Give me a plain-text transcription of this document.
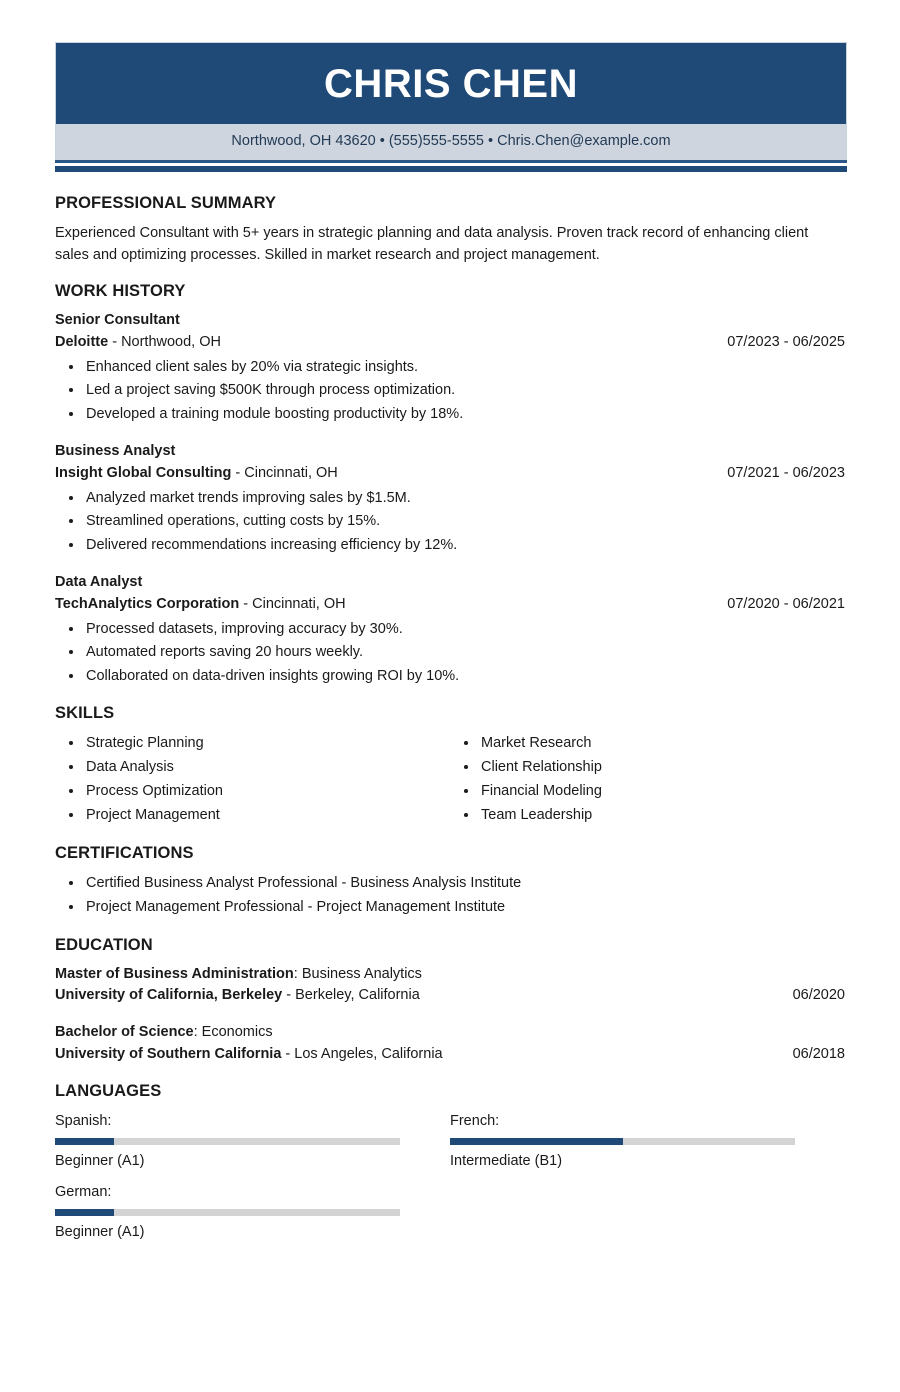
CHRIS CHEN
Northwood, OH 43620 • (555)555-5555 • Chris.Chen@example.com
PROFESSIONAL SUMMARY

Experienced Consultant with 5+ years in strategic planning and data analysis. Proven track record of enhancing client sales and optimizing processes. Skilled in market research and project management.

WORK HISTORY
Senior Consultant
Deloitte - Northwood, OH	07/2023 - 06/2025
• Enhanced client sales by 20% via strategic insights.
• Led a project saving $500K through process optimization.
• Developed a training module boosting productivity by 18%.
Business Analyst
Insight Global Consulting - Cincinnati, OH	07/2021 - 06/2023
• Analyzed market trends improving sales by $1.5M.
• Streamlined operations, cutting costs by 15%.
• Delivered recommendations increasing efficiency by 12%.
Data Analyst
TechAnalytics Corporation - Cincinnati, OH	07/2020 - 06/2021
• Processed datasets, improving accuracy by 30%.
• Automated reports saving 20 hours weekly.
• Collaborated on data-driven insights growing ROI by 10%.
SKILLS
• Strategic Planning
• Data Analysis
• Process Optimization
• Project Management
• Market Research
• Client Relationship
• Financial Modeling
• Team Leadership
CERTIFICATIONS
• Certified Business Analyst Professional - Business Analysis Institute
• Project Management Professional - Project Management Institute
EDUCATION
Master of Business Administration: Business Analytics
University of California, Berkeley - Berkeley, California	06/2020
Bachelor of Science: Economics
University of Southern California - Los Angeles, California	06/2018
LANGUAGES
Spanish:
Beginner (A1)
French:
Intermediate (B1)
German:
Beginner (A1)
